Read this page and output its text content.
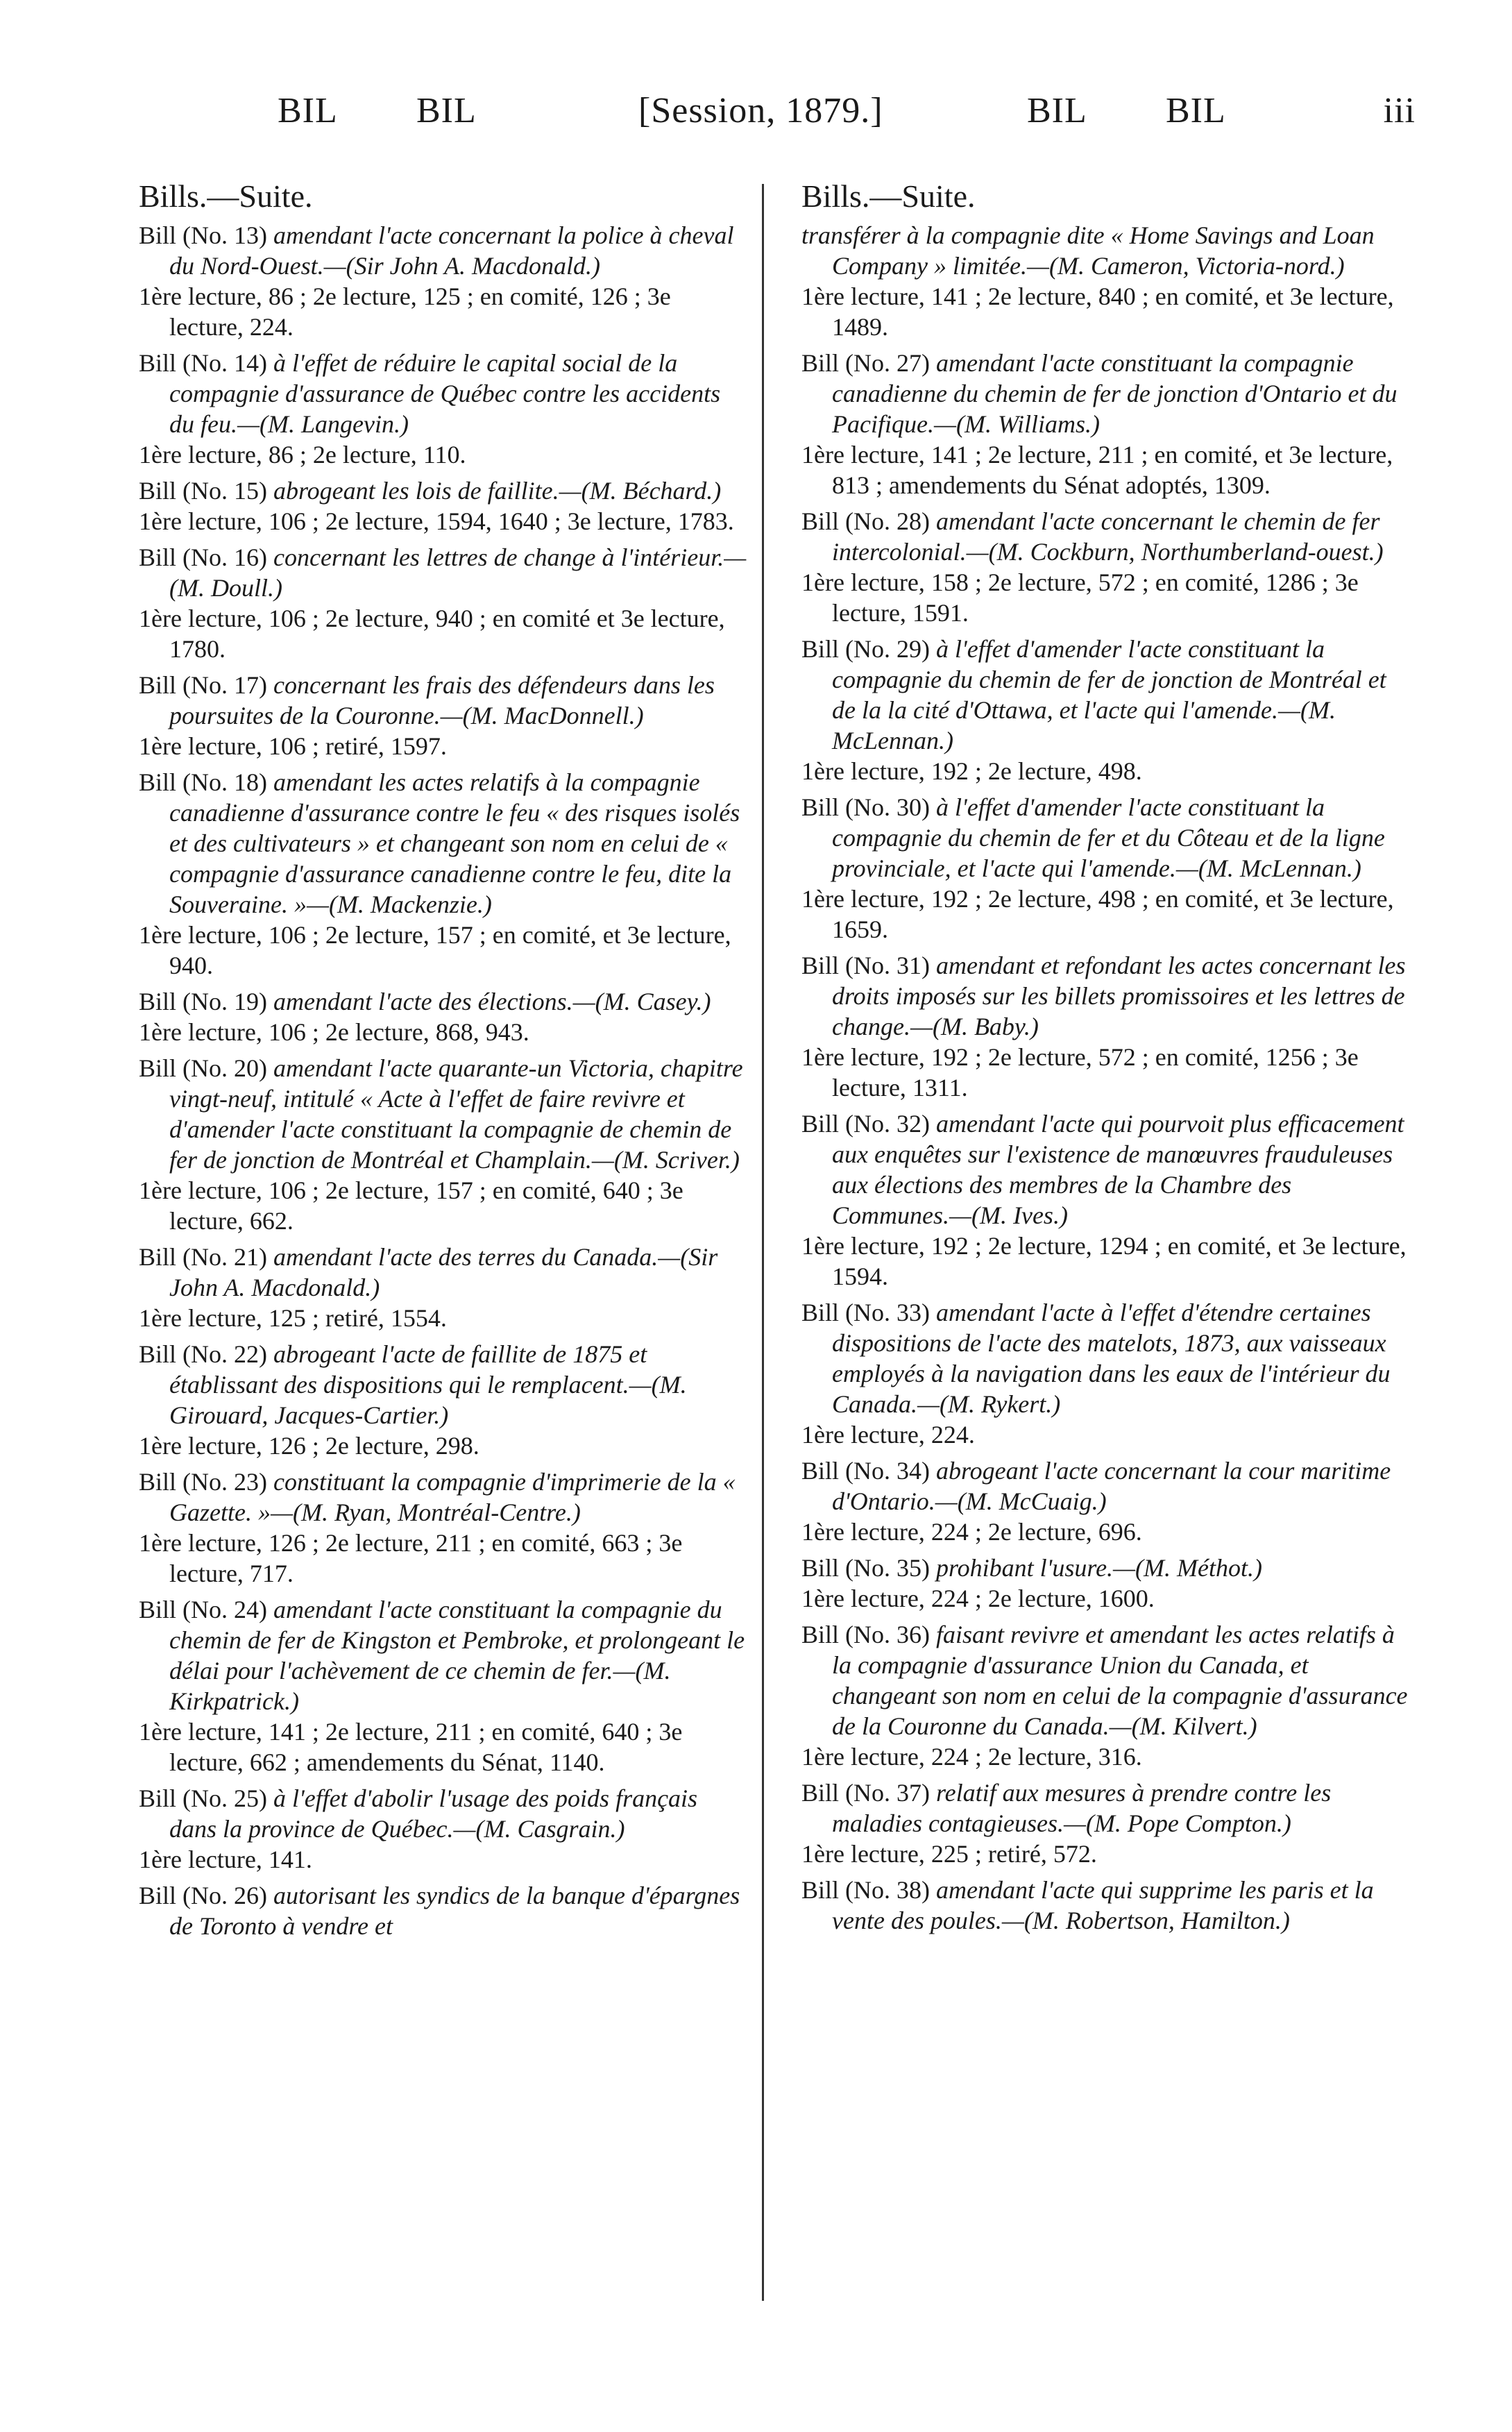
BIL BIL	[Session, 1879.]	BIL BIL	iii
Bills.—Suite.
Bill (No. 13) amendant l'acte concernant la police à cheval du Nord-Ouest.—(Sir John A. Macdonald.)
1ère lecture, 86 ; 2e lecture, 125 ; en comité, 126 ; 3e lecture, 224.
Bill (No. 14) à l'effet de réduire le capital social de la compagnie d'assurance de Québec contre les accidents du feu.—(M. Langevin.)
1ère lecture, 86 ; 2e lecture, 110.
Bill (No. 15) abrogeant les lois de faillite.—(M. Béchard.)
1ère lecture, 106 ; 2e lecture, 1594, 1640 ; 3e lecture, 1783.
Bill (No. 16) concernant les lettres de change à l'intérieur.—(M. Doull.)
1ère lecture, 106 ; 2e lecture, 940 ; en comité et 3e lecture, 1780.
Bill (No. 17) concernant les frais des défendeurs dans les poursuites de la Couronne.—(M. MacDonnell.)
1ère lecture, 106 ; retiré, 1597.
Bill (No. 18) amendant les actes relatifs à la compagnie canadienne d'assurance contre le feu « des risques isolés et des cultivateurs » et changeant son nom en celui de « compagnie d'assurance canadienne contre le feu, dite la Souveraine. »—(M. Mackenzie.)
1ère lecture, 106 ; 2e lecture, 157 ; en comité, et 3e lecture, 940.
Bill (No. 19) amendant l'acte des élections.—(M. Casey.)
1ère lecture, 106 ; 2e lecture, 868, 943.
Bill (No. 20) amendant l'acte quarante-un Victoria, chapitre vingt-neuf, intitulé « Acte à l'effet de faire revivre et d'amender l'acte constituant la compagnie de chemin de fer de jonction de Montréal et Champlain.—(M. Scriver.)
1ère lecture, 106 ; 2e lecture, 157 ; en comité, 640 ; 3e lecture, 662.
Bill (No. 21) amendant l'acte des terres du Canada.—(Sir John A. Macdonald.)
1ère lecture, 125 ; retiré, 1554.
Bill (No. 22) abrogeant l'acte de faillite de 1875 et établissant des dispositions qui le remplacent.—(M. Girouard, Jacques-Cartier.)
1ère lecture, 126 ; 2e lecture, 298.
Bill (No. 23) constituant la compagnie d'imprimerie de la « Gazette. »—(M. Ryan, Montréal-Centre.)
1ère lecture, 126 ; 2e lecture, 211 ; en comité, 663 ; 3e lecture, 717.
Bill (No. 24) amendant l'acte constituant la compagnie du chemin de fer de Kingston et Pembroke, et prolongeant le délai pour l'achèvement de ce chemin de fer.—(M. Kirkpatrick.)
1ère lecture, 141 ; 2e lecture, 211 ; en comité, 640 ; 3e lecture, 662 ; amendements du Sénat, 1140.
Bill (No. 25) à l'effet d'abolir l'usage des poids français dans la province de Québec.—(M. Casgrain.)
1ère lecture, 141.
Bill (No. 26) autorisant les syndics de la banque d'épargnes de Toronto à vendre et
Bills.—Suite.
transférer à la compagnie dite « Home Savings and Loan Company » limitée.—(M. Cameron, Victoria-nord.)
1ère lecture, 141 ; 2e lecture, 840 ; en comité, et 3e lecture, 1489.
Bill (No. 27) amendant l'acte constituant la compagnie canadienne du chemin de fer de jonction d'Ontario et du Pacifique.—(M. Williams.)
1ère lecture, 141 ; 2e lecture, 211 ; en comité, et 3e lecture, 813 ; amendements du Sénat adoptés, 1309.
Bill (No. 28) amendant l'acte concernant le chemin de fer intercolonial.—(M. Cockburn, Northumberland-ouest.)
1ère lecture, 158 ; 2e lecture, 572 ; en comité, 1286 ; 3e lecture, 1591.
Bill (No. 29) à l'effet d'amender l'acte constituant la compagnie du chemin de fer de jonction de Montréal et de la la cité d'Ottawa, et l'acte qui l'amende.—(M. McLennan.)
1ère lecture, 192 ; 2e lecture, 498.
Bill (No. 30) à l'effet d'amender l'acte constituant la compagnie du chemin de fer et du Côteau et de la ligne provinciale, et l'acte qui l'amende.—(M. McLennan.)
1ère lecture, 192 ; 2e lecture, 498 ; en comité, et 3e lecture, 1659.
Bill (No. 31) amendant et refondant les actes concernant les droits imposés sur les billets promissoires et les lettres de change.—(M. Baby.)
1ère lecture, 192 ; 2e lecture, 572 ; en comité, 1256 ; 3e lecture, 1311.
Bill (No. 32) amendant l'acte qui pourvoit plus efficacement aux enquêtes sur l'existence de manœuvres frauduleuses aux élections des membres de la Chambre des Communes.—(M. Ives.)
1ère lecture, 192 ; 2e lecture, 1294 ; en comité, et 3e lecture, 1594.
Bill (No. 33) amendant l'acte à l'effet d'étendre certaines dispositions de l'acte des matelots, 1873, aux vaisseaux employés à la navigation dans les eaux de l'intérieur du Canada.—(M. Rykert.)
1ère lecture, 224.
Bill (No. 34) abrogeant l'acte concernant la cour maritime d'Ontario.—(M. McCuaig.)
1ère lecture, 224 ; 2e lecture, 696.
Bill (No. 35) prohibant l'usure.—(M. Méthot.)
1ère lecture, 224 ; 2e lecture, 1600.
Bill (No. 36) faisant revivre et amendant les actes relatifs à la compagnie d'assurance Union du Canada, et changeant son nom en celui de la compagnie d'assurance de la Couronne du Canada.—(M. Kilvert.)
1ère lecture, 224 ; 2e lecture, 316.
Bill (No. 37) relatif aux mesures à prendre contre les maladies contagieuses.—(M. Pope Compton.)
1ère lecture, 225 ; retiré, 572.
Bill (No. 38) amendant l'acte qui supprime les paris et la vente des poules.—(M. Robertson, Hamilton.)
